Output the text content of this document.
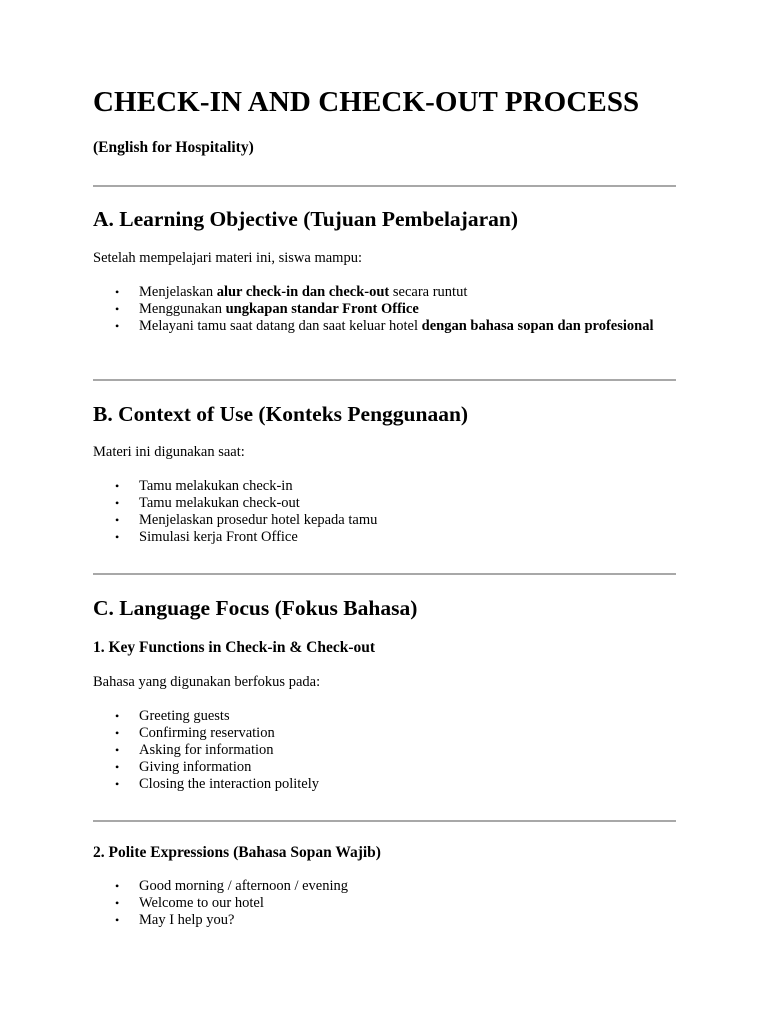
CHECK-IN AND CHECK-OUT PROCESS

(English for Hospitality)

A. Learning Objective (Tujuan Pembelajaran)

Setelah mempelajari materi ini, siswa mampu:

• Menjelaskan alur check-in dan check-out secara runtut
• Menggunakan ungkapan standar Front Office
• Melayani tamu saat datang dan saat keluar hotel dengan bahasa sopan dan profesional
B. Context of Use (Konteks Penggunaan)

Materi ini digunakan saat:

• Tamu melakukan check-in
• Tamu melakukan check-out
• Menjelaskan prosedur hotel kepada tamu
• Simulasi kerja Front Office
C. Language Focus (Fokus Bahasa)
1. Key Functions in Check-in & Check-out

Bahasa yang digunakan berfokus pada:

• Greeting guests
• Confirming reservation
• Asking for information
• Giving information
• Closing the interaction politely
2. Polite Expressions (Bahasa Sopan Wajib)
• Good morning / afternoon / evening
• Welcome to our hotel
• May I help you?
